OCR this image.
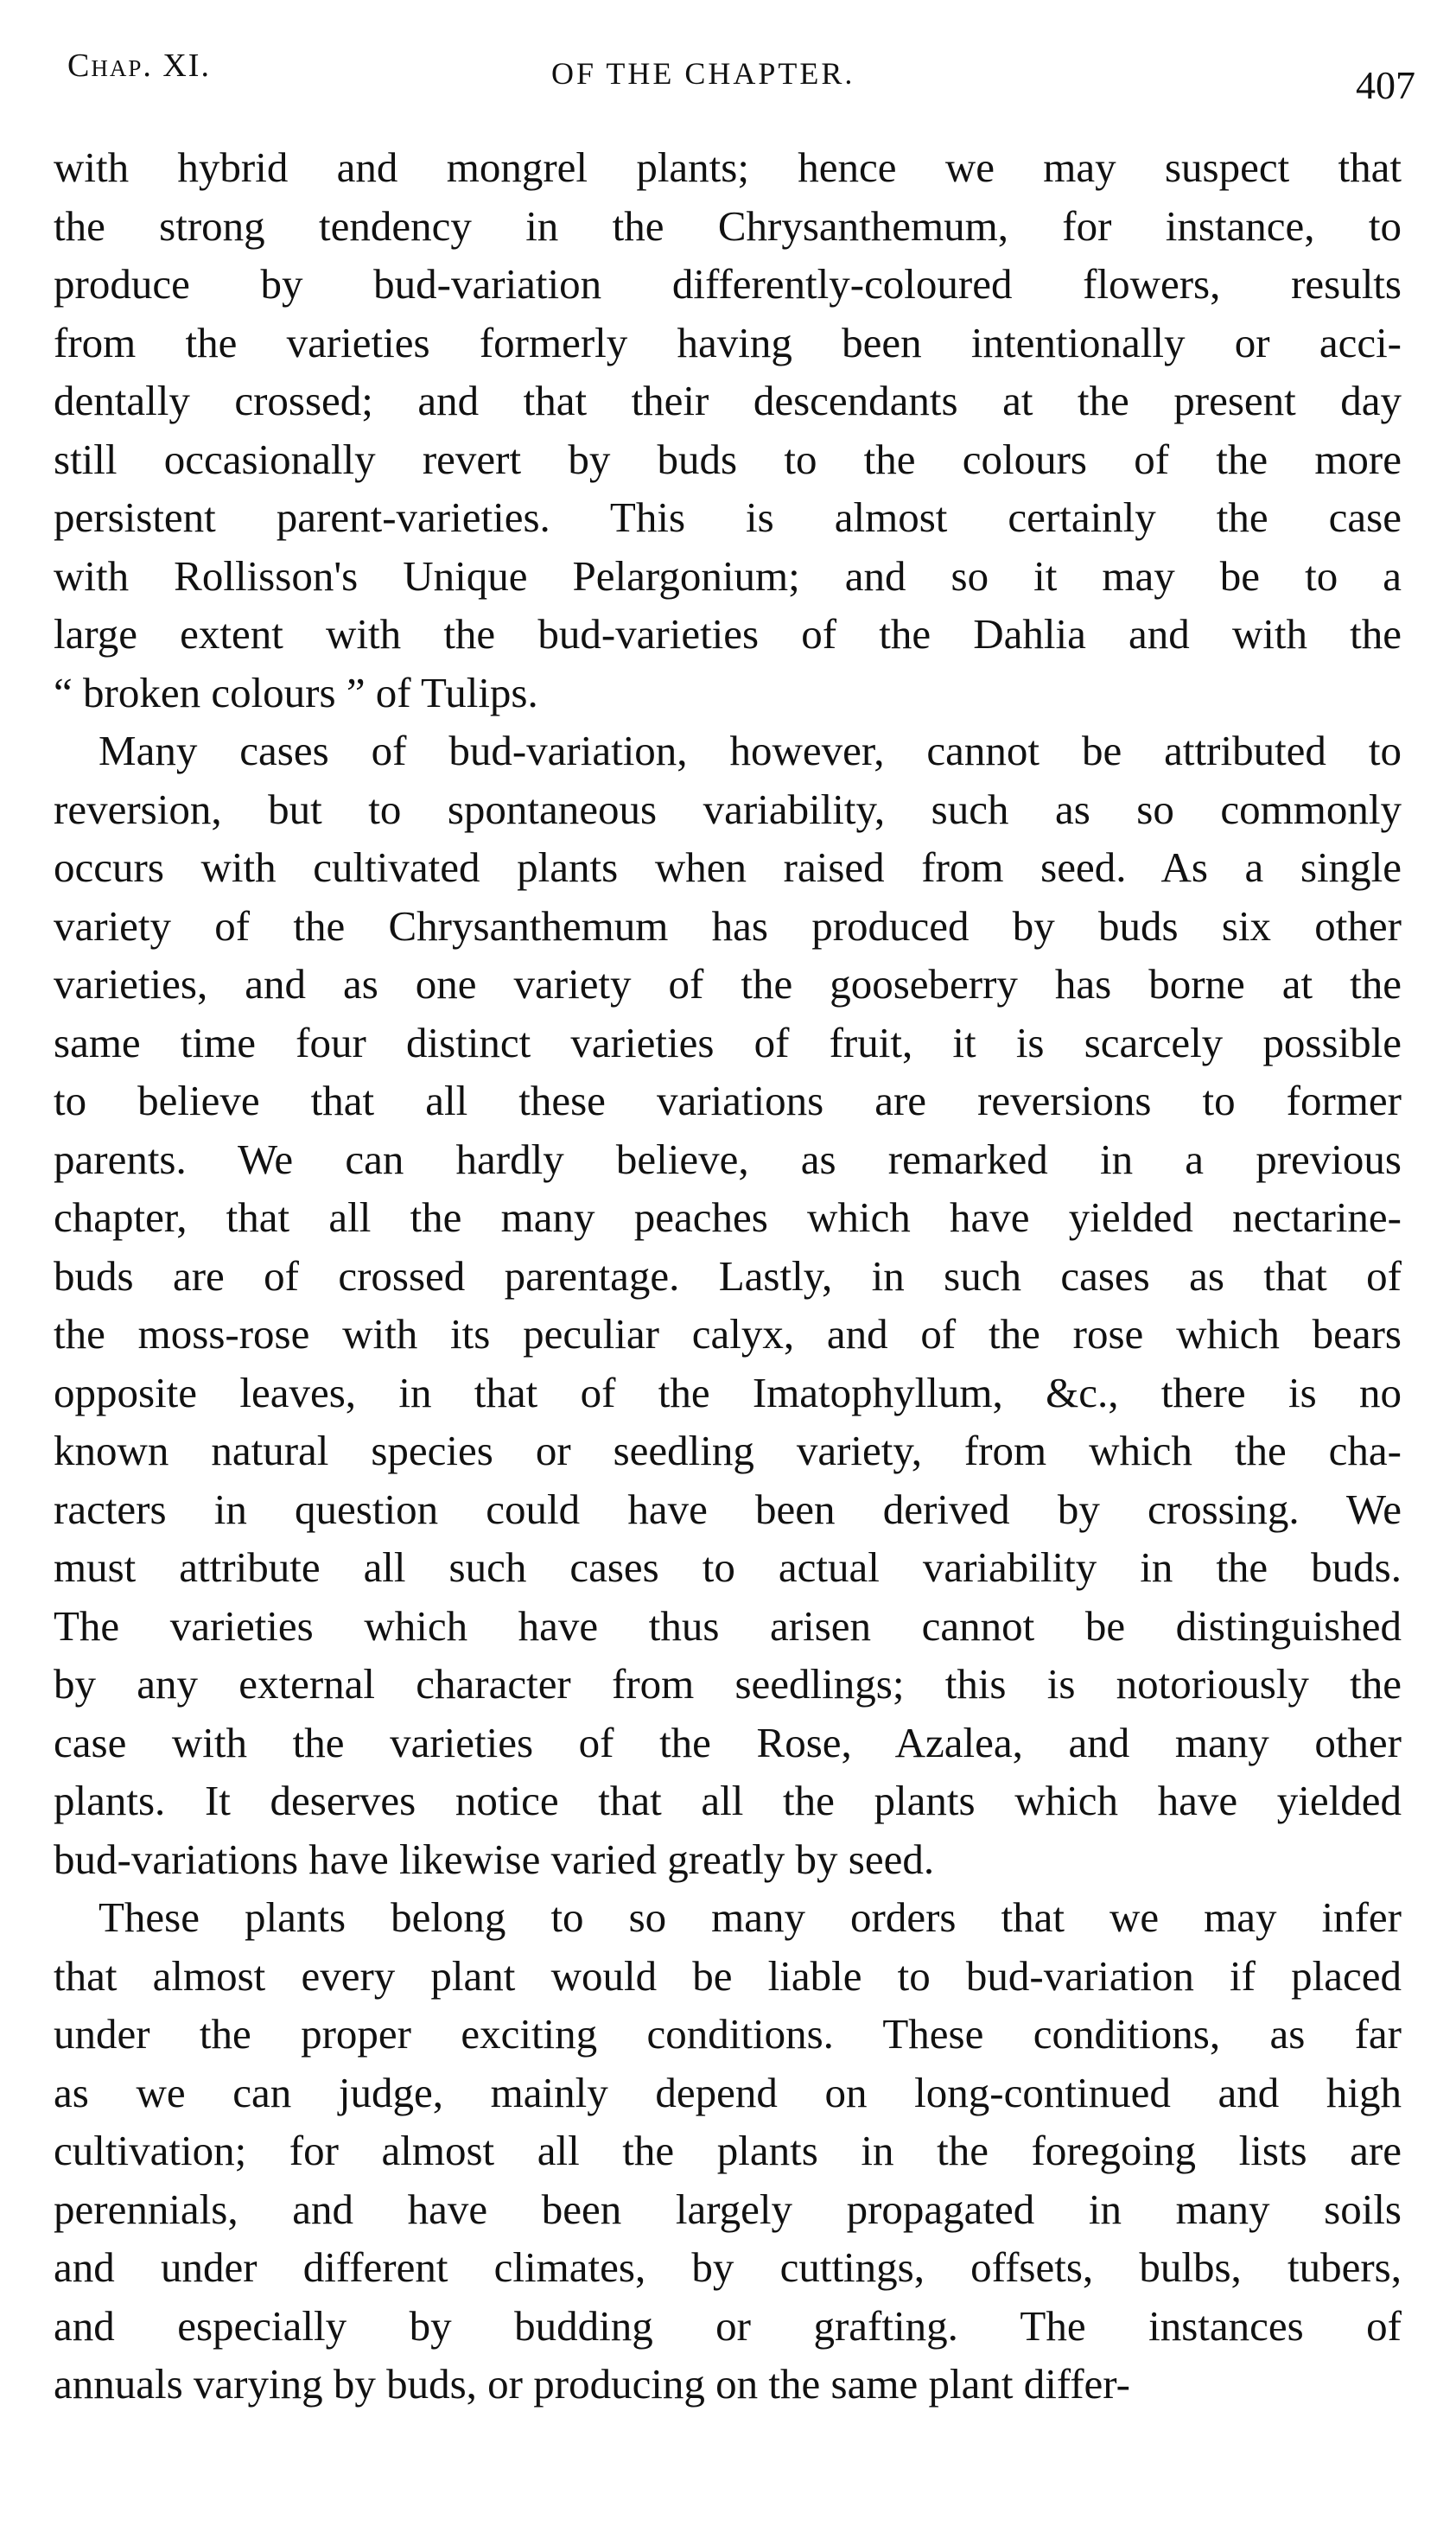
Chap. XI.	OF THE CHAPTER.	407
with hybrid and mongrel plants; hence we may suspect that
the strong tendency in the Chrysanthemum, for instance, to
produce by bud-variation differently-coloured flowers, results
from the varieties formerly having been intentionally or acci-
dentally crossed; and that their descendants at the present day
still occasionally revert by buds to the colours of the more
persistent parent-varieties. This is almost certainly the case
with Rollisson's Unique Pelargonium; and so it may be to a
large extent with the bud-varieties of the Dahlia and with the
“ broken colours ” of Tulips.
Many cases of bud-variation, however, cannot be attributed to
reversion, but to spontaneous variability, such as so commonly
occurs with cultivated plants when raised from seed. As a single
variety of the Chrysanthemum has produced by buds six other
varieties, and as one variety of the gooseberry has borne at the
same time four distinct varieties of fruit, it is scarcely possible
to believe that all these variations are reversions to former
parents. We can hardly believe, as remarked in a previous
chapter, that all the many peaches which have yielded nectarine-
buds are of crossed parentage. Lastly, in such cases as that of
the moss-rose with its peculiar calyx, and of the rose which bears
opposite leaves, in that of the Imatophyllum, &c., there is no
known natural species or seedling variety, from which the cha-
racters in question could have been derived by crossing. We
must attribute all such cases to actual variability in the buds.
The varieties which have thus arisen cannot be distinguished
by any external character from seedlings; this is notoriously the
case with the varieties of the Rose, Azalea, and many other
plants. It deserves notice that all the plants which have yielded
bud-variations have likewise varied greatly by seed.
These plants belong to so many orders that we may infer
that almost every plant would be liable to bud-variation if placed
under the proper exciting conditions. These conditions, as far
as we can judge, mainly depend on long-continued and high
cultivation; for almost all the plants in the foregoing lists are
perennials, and have been largely propagated in many soils
and under different climates, by cuttings, offsets, bulbs, tubers,
and especially by budding or grafting. The instances of
annuals varying by buds, or producing on the same plant differ-
